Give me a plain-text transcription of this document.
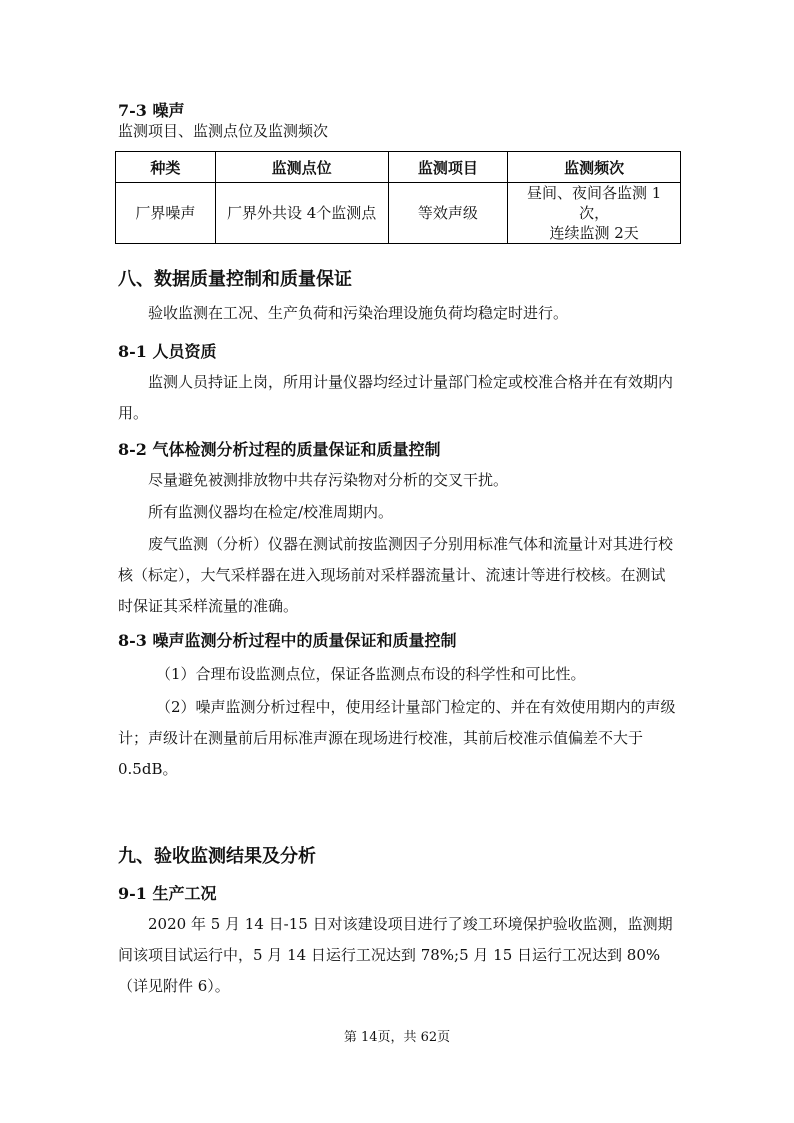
7-3 噪声
监测项目、监测点位及监测频次
种类	监测点位	监测项目	监测频次
厂界噪声	厂界外共设 4个监测点	等效声级	昼间、夜间各监测 1次，
连续监测 2天
八、数据质量控制和质量保证
验收监测在工况、生产负荷和污染治理设施负荷均稳定时进行。
8-1 人员资质
监测人员持证上岗，所用计量仪器均经过计量部门检定或校准合格并在有效期内用。
8-2 气体检测分析过程的质量保证和质量控制
尽量避免被测排放物中共存污染物对分析的交叉干扰。
所有监测仪器均在检定/校准周期内。
废气监测（分析）仪器在测试前按监测因子分别用标准气体和流量计对其进行校核（标定），大气采样器在进入现场前对采样器流量计、流速计等进行校核。在测试时保证其采样流量的准确。
8-3 噪声监测分析过程中的质量保证和质量控制
（1）合理布设监测点位，保证各监测点布设的科学性和可比性。
（2）噪声监测分析过程中，使用经计量部门检定的、并在有效使用期内的声级计；声级计在测量前后用标准声源在现场进行校准，其前后校准示值偏差不大于 0.5dB。
九、验收监测结果及分析
9-1 生产工况
2020 年 5 月 14 日-15 日对该建设项目进行了竣工环境保护验收监测，监测期间该项目试运行中，5 月 14 日运行工况达到 78%;5 月 15 日运行工况达到 80%（详见附件 6）。
第 14页，共 62页
